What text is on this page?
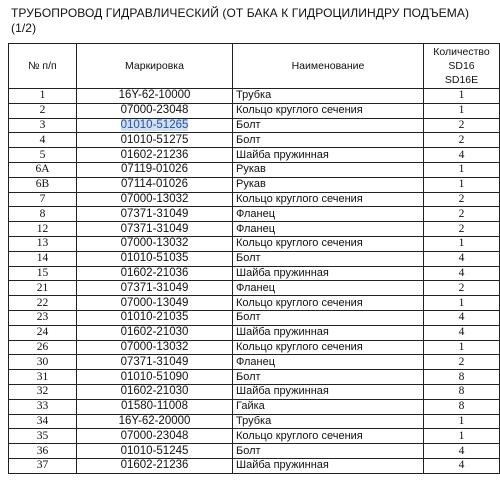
ТРУБОПРОВОД ГИДРАВЛИЧЕСКИЙ (ОТ БАКА К ГИДРОЦИЛИНДРУ ПОДЪЕМА) (1/2)
№ п/п	Маркировка	Наименование	Количество
SD16
SD16E

1	16Y-62-10000	Трубка	1
2	07000-23048	Кольцо круглого сечения	1
3	01010-51265	Болт	2
4	01010-51275	Болт	2
5	01602-21236	Шайба пружинная	4
6A	07119-01026	Рукав	1
6B	07114-01026	Рукав	1
7	07000-13032	Кольцо круглого сечения	2
8	07371-31049	Фланец	2
12	07371-31049	Фланец	2
13	07000-13032	Кольцо круглого сечения	1
14	01010-51035	Болт	4
15	01602-21036	Шайба пружинная	4
21	07371-31049	Фланец	2
22	07000-13049	Кольцо круглого сечения	1
23	01010-21035	Болт	4
24	01602-21030	Шайба пружинная	4
26	07000-13032	Кольцо круглого сечения	1
30	07371-31049	Фланец	2
31	01010-51090	Болт	8
32	01602-21030	Шайба пружинная	8
33	01580-11008	Гайка	8
34	16Y-62-20000	Трубка	1
35	07000-23048	Кольцо круглого сечения	1
36	01010-51245	Болт	4
37	01602-21236	Шайба пружинная	4
